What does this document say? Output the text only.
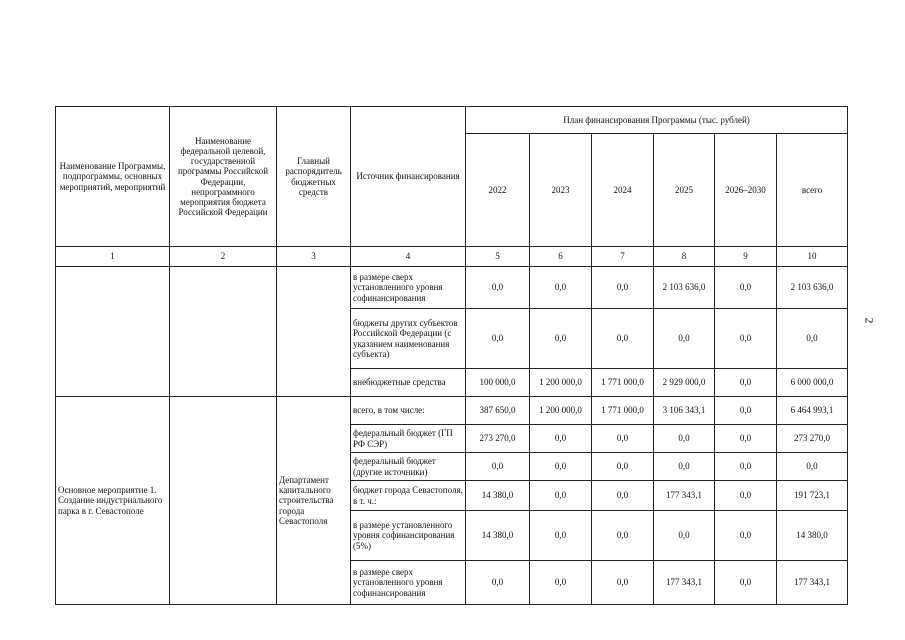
2
Наименование Программы, подпрограммы, основных мероприятий, мероприятий	Наименование федеральной целевой, государственной программы Российской Федерации, непрограммного мероприятия бюджета Российской Федерации	Главный распорядитель бюджетных средств	Источник финансирования	План финансирования Программы (тыс. рублей)					
				2022	2023	2024	2025	2026–2030	всего
1	2	3	4	5	6	7	8	9	10
			в размере сверх установленного уровня софинансирования	0,0	0,0	0,0	2 103 636,0	0,0	2 103 636,0
			бюджеты других субъектов Российской Федерации (с указанием наименования субъекта)	0,0	0,0	0,0	0,0	0,0	0,0
			внебюджетные средства	100 000,0	1 200 000,0	1 771 000,0	2 929 000,0	0,0	6 000 000,0
Основное мероприятие 1. Создание индустриального парка в г. Севастополе		Департамент капитального строительства города Севастополя	всего, в том числе:	387 650,0	1 200 000,0	1 771 000,0	3 106 343,1	0,0	6 464 993,1
			федеральный бюджет (ГП РФ СЭР)	273 270,0	0,0	0,0	0,0	0,0	273 270,0
			федеральный бюджет (другие источники)	0,0	0,0	0,0	0,0	0,0	0,0
			бюджет города Севастополя, в т. ч.:	14 380,0	0,0	0,0	177 343,1	0,0	191 723,1
			в размере установленного уровня софинансирования (5%)	14 380,0	0,0	0,0	0,0	0,0	14 380,0
			в размере сверх установленного уровня софинансирования	0,0	0,0	0,0	177 343,1	0,0	177 343,1
